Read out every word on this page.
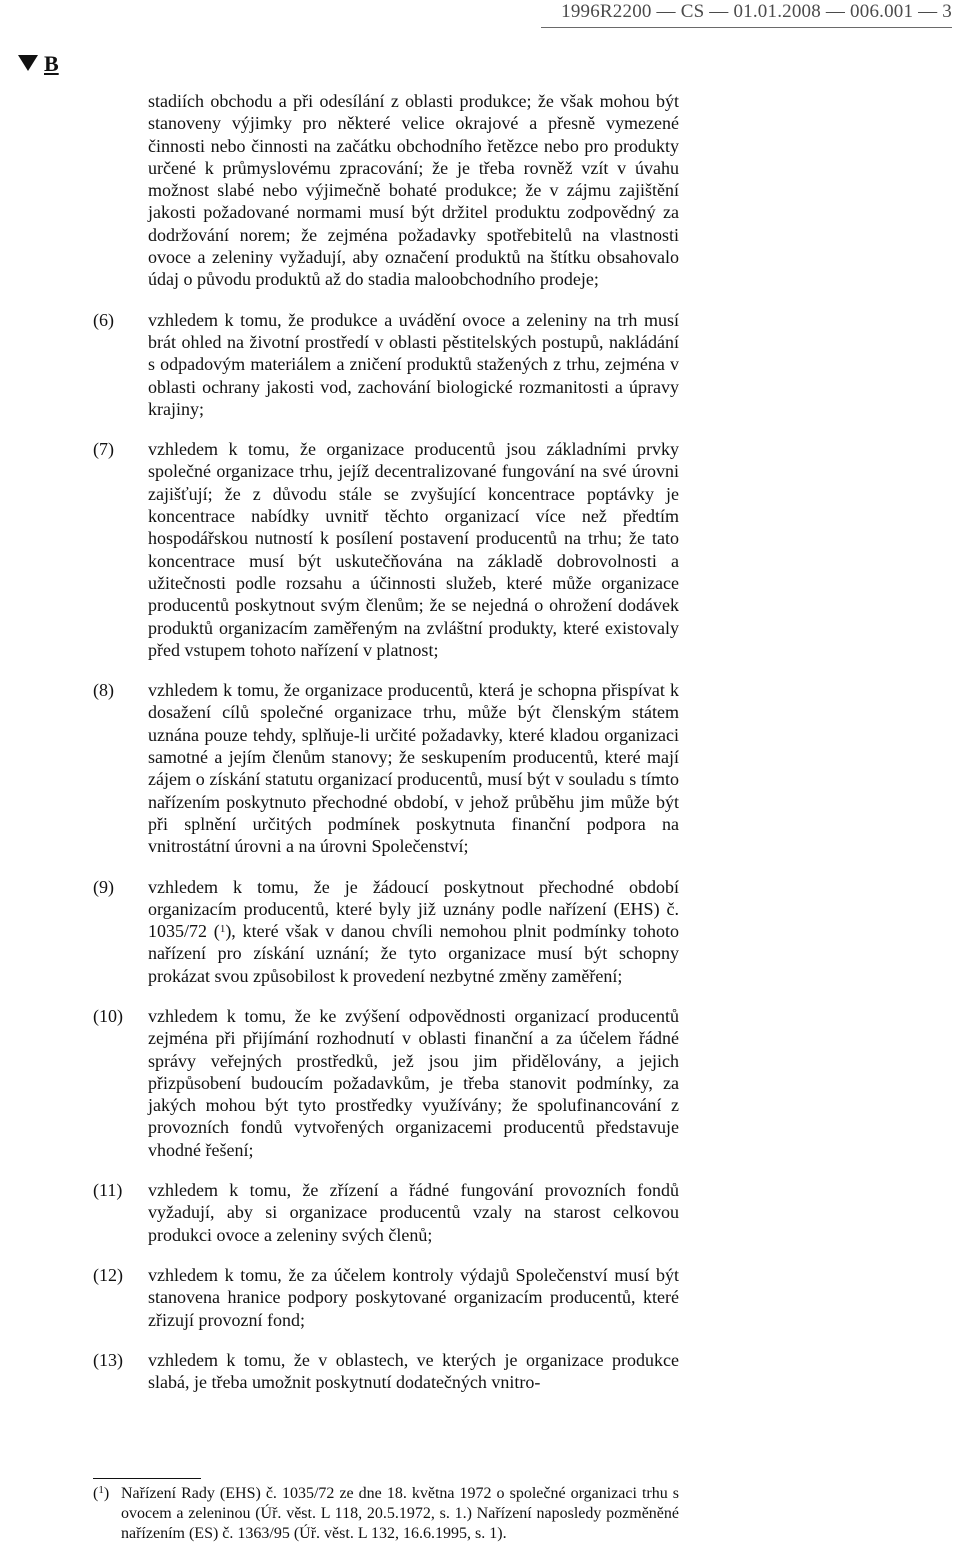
1996R2200 — CS — 01.01.2008 — 006.001 — 3
B
stadiích obchodu a při odesílání z oblasti produkce; že však mohou být stanoveny výjimky pro některé velice okrajové a přesně vymezené činnosti nebo činnosti na začátku obchodního řetězce nebo pro produkty určené k průmyslovému zpracování; že je třeba rovněž vzít v úvahu možnost slabé nebo výjimečně bohaté produkce; že v zájmu zajištění jakosti požadované normami musí být držitel produktu zodpovědný za dodržování norem; že zejména požadavky spotřebitelů na vlastnosti ovoce a zeleniny vyžadují, aby označení produktů na štítku obsahovalo údaj o původu produktů až do stadia maloobchodního prodeje;
(6) vzhledem k tomu, že produkce a uvádění ovoce a zeleniny na trh musí brát ohled na životní prostředí v oblasti pěstitelských postupů, nakládání s odpadovým materiálem a zničení produktů stažených z trhu, zejména v oblasti ochrany jakosti vod, zachování biologické rozmanitosti a úpravy krajiny;
(7) vzhledem k tomu, že organizace producentů jsou základními prvky společné organizace trhu, jejíž decentralizované fungování na své úrovni zajišťují; že z důvodu stále se zvyšující koncentrace poptávky je koncentrace nabídky uvnitř těchto organizací více než předtím hospodářskou nutností k posílení postavení producentů na trhu; že tato koncentrace musí být uskutečňována na základě dobrovolnosti a užitečnosti podle rozsahu a účinnosti služeb, které může organizace producentů poskytnout svým členům; že se nejedná o ohrožení dodávek produktů organizacím zaměřeným na zvláštní produkty, které existovaly před vstupem tohoto nařízení v platnost;
(8) vzhledem k tomu, že organizace producentů, která je schopna přispívat k dosažení cílů společné organizace trhu, může být členským státem uznána pouze tehdy, splňuje-li určité požadavky, které kladou organizaci samotné a jejím členům stanovy; že seskupením producentů, které mají zájem o získání statutu organizací producentů, musí být v souladu s tímto nařízením poskytnuto přechodné období, v jehož průběhu jim může být při splnění určitých podmínek poskytnuta finanční podpora na vnitrostátní úrovni a na úrovni Společenství;
(9) vzhledem k tomu, že je žádoucí poskytnout přechodné období organizacím producentů, které byly již uznány podle nařízení (EHS) č. 1035/72 ($^1$), které však v danou chvíli nemohou plnit podmínky tohoto nařízení pro získání uznání; že tyto organizace musí být schopny prokázat svou způsobilost k provedení nezbytné změny zaměření;
(10) vzhledem k tomu, že ke zvýšení odpovědnosti organizací producentů zejména při přijímání rozhodnutí v oblasti finanční a za účelem řádné správy veřejných prostředků, jež jsou jim přidělovány, a jejich přizpůsobení budoucím požadavkům, je třeba stanovit podmínky, za jakých mohou být tyto prostředky využívány; že spolufinancování z provozních fondů vytvořených organizacemi producentů představuje vhodné řešení;
(11) vzhledem k tomu, že zřízení a řádné fungování provozních fondů vyžadují, aby si organizace producentů vzaly na starost celkovou produkci ovoce a zeleniny svých členů;
(12) vzhledem k tomu, že za účelem kontroly výdajů Společenství musí být stanovena hranice podpory poskytované organizacím producentů, které zřizují provozní fond;
(13) vzhledem k tomu, že v oblastech, ve kterých je organizace produkce slabá, je třeba umožnit poskytnutí dodatečných vnitro-
($^1$) Nařízení Rady (EHS) č. 1035/72 ze dne 18. května 1972 o společné organizaci trhu s ovocem a zeleninou (Úř. věst. L 118, 20.5.1972, s. 1.) Nařízení naposledy pozměněné nařízením (ES) č. 1363/95 (Úř. věst. L 132, 16.6.1995, s. 1).
